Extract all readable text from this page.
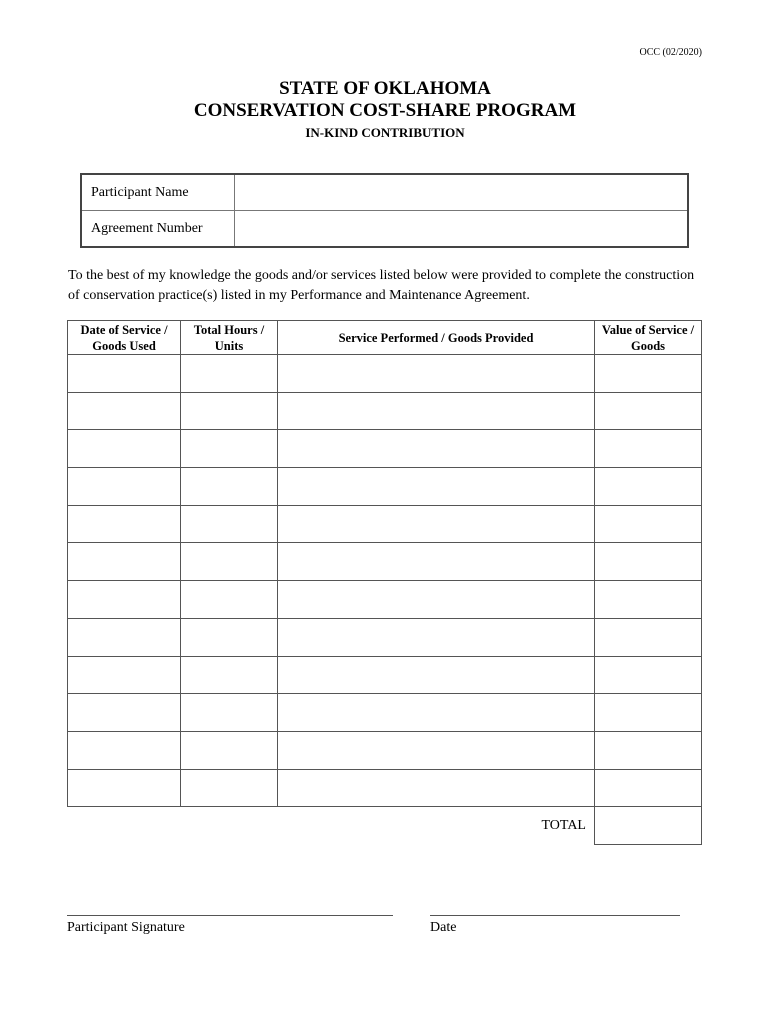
OCC (02/2020)
STATE OF OKLAHOMA
CONSERVATION COST-SHARE PROGRAM
IN-KIND CONTRIBUTION
Participant Name	
Agreement Number	
To the best of my knowledge the goods and/or services listed below were provided to complete the construction of conservation practice(s) listed in my Performance and Maintenance Agreement.
Date of Service / Goods Used	Total Hours / Units	Service Performed / Goods Provided	Value of Service / Goods

		TOTAL	
Participant Signature	Date
